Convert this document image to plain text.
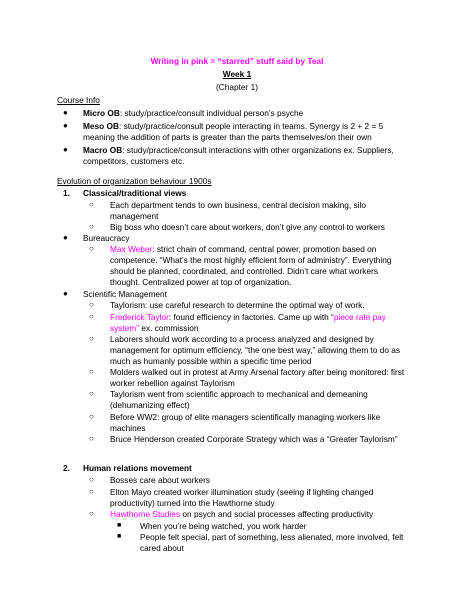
Writing in pink = “starred” stuff said by Teal
Week 1
(Chapter 1)
Course Info
● Micro OB: study/practice/consult individual person’s psyche
● Meso OB: study/practice/consult people interacting in teams. Synergy is 2 + 2 = 5
meaning the addition of parts is greater than the parts themselves/on their own
● Macro OB: study/practice/consult interactions with other organizations ex. Suppliers,
competitors, customers etc.
Evolution of organization behaviour 1900s
1. Classical/traditional views
○ Each department tends to own business, central decision making, silo
management
○ Big boss who doesn’t care about workers, don’t give any control to workers
● Bureaucracy
○ Max Weber: strict chain of command, central power, promotion based on
competence. “What’s the most highly efficient form of administry”. Everything
should be planned, coordinated, and controlled. Didn’t care what workers
thought. Centralized power at top of organization.
● Scientific Management
○ Taylorism: use careful research to determine the optimal way of work.
○ Frederick Taylor: found efficiency in factories. Came up with “piece rate pay
system” ex. commission
○ Laborers should work according to a process analyzed and designed by
management for optimum efficiency, “the one best way,” allowing them to do as
much as humanly possible within a specific time period
○ Molders walked out in protest at Army Arsenal factory after being monitored: first
worker rebellion against Taylorism
○ Taylorism went from scientific approach to mechanical and demeaning
(dehumanizing effect)
○ Before WW2: group of elite managers scientifically managing workers like
machines
○ Bruce Henderson created Corporate Strategy which was a “Greater Taylorism”
2. Human relations movement
○ Bosses care about workers
○ Elton Mayo created worker illumination study (seeing if lighting changed
productivity) turned into the Hawthorne study
○ Hawthorne Studies on psych and social processes affecting productivity
■ When you’re being watched, you work harder
■ People felt special, part of something, less alienated, more involved, felt
cared about
